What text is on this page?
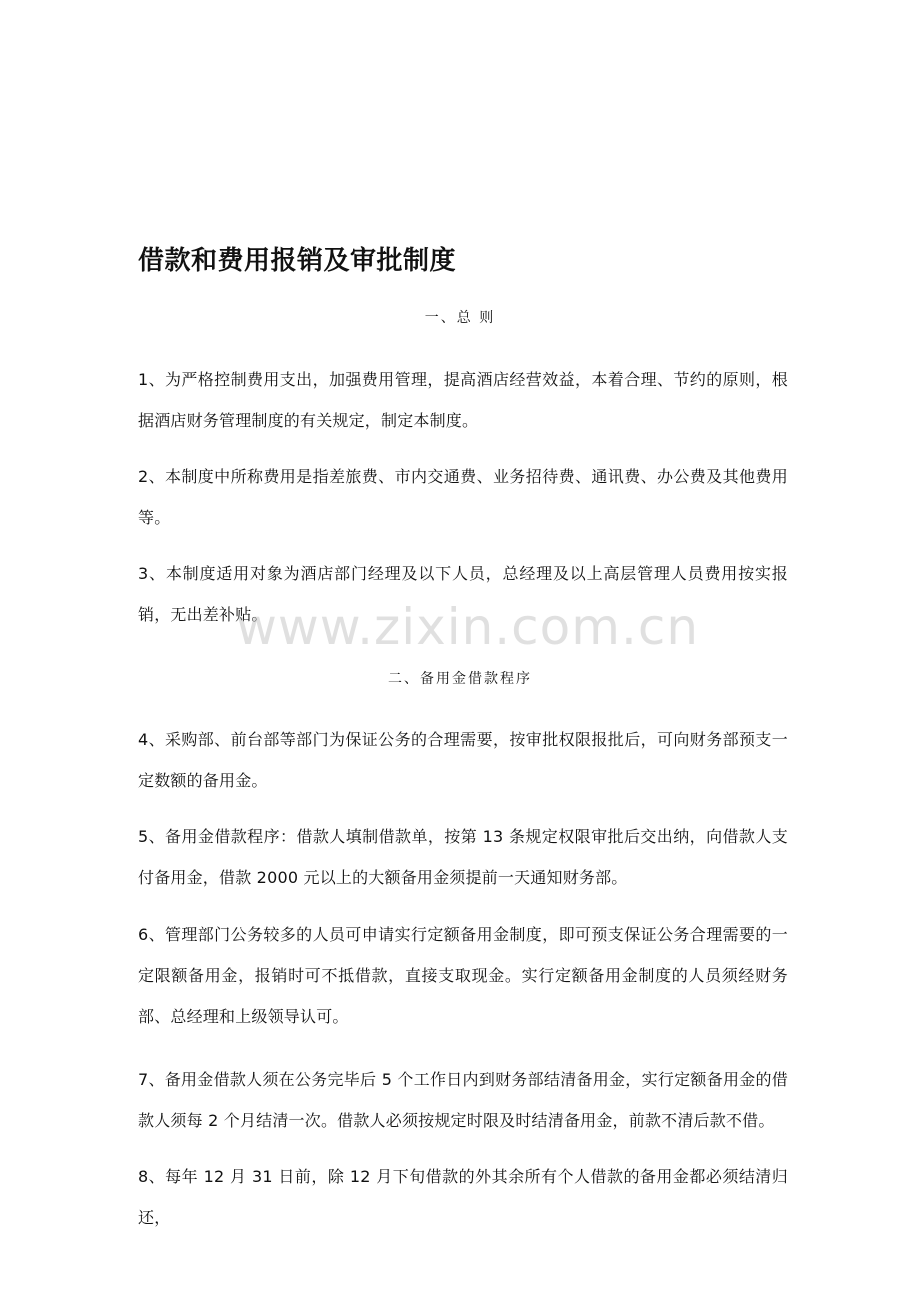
借款和费用报销及审批制度

一、总 则

1、为严格控制费用支出，加强费用管理，提高酒店经营效益，本着合理、节约的原则，根据酒店财务管理制度的有关规定，制定本制度。

2、本制度中所称费用是指差旅费、市内交通费、业务招待费、通讯费、办公费及其他费用等。

3、本制度适用对象为酒店部门经理及以下人员，总经理及以上高层管理人员费用按实报销，无出差补贴。

二、备用金借款程序

4、采购部、前台部等部门为保证公务的合理需要，按审批权限报批后，可向财务部预支一定数额的备用金。

5、备用金借款程序：借款人填制借款单，按第 13 条规定权限审批后交出纳，向借款人支付备用金，借款 2000 元以上的大额备用金须提前一天通知财务部。

6、管理部门公务较多的人员可申请实行定额备用金制度，即可预支保证公务合理需要的一定限额备用金，报销时可不抵借款，直接支取现金。实行定额备用金制度的人员须经财务部、总经理和上级领导认可。

7、备用金借款人须在公务完毕后 5 个工作日内到财务部结清备用金，实行定额备用金的借款人须每 2 个月结清一次。借款人必须按规定时限及时结清备用金，前款不清后款不借。

8、每年 12 月 31 日前，除 12 月下旬借款的外其余所有个人借款的备用金都必须结清归还，

www.zixin.com.cn
